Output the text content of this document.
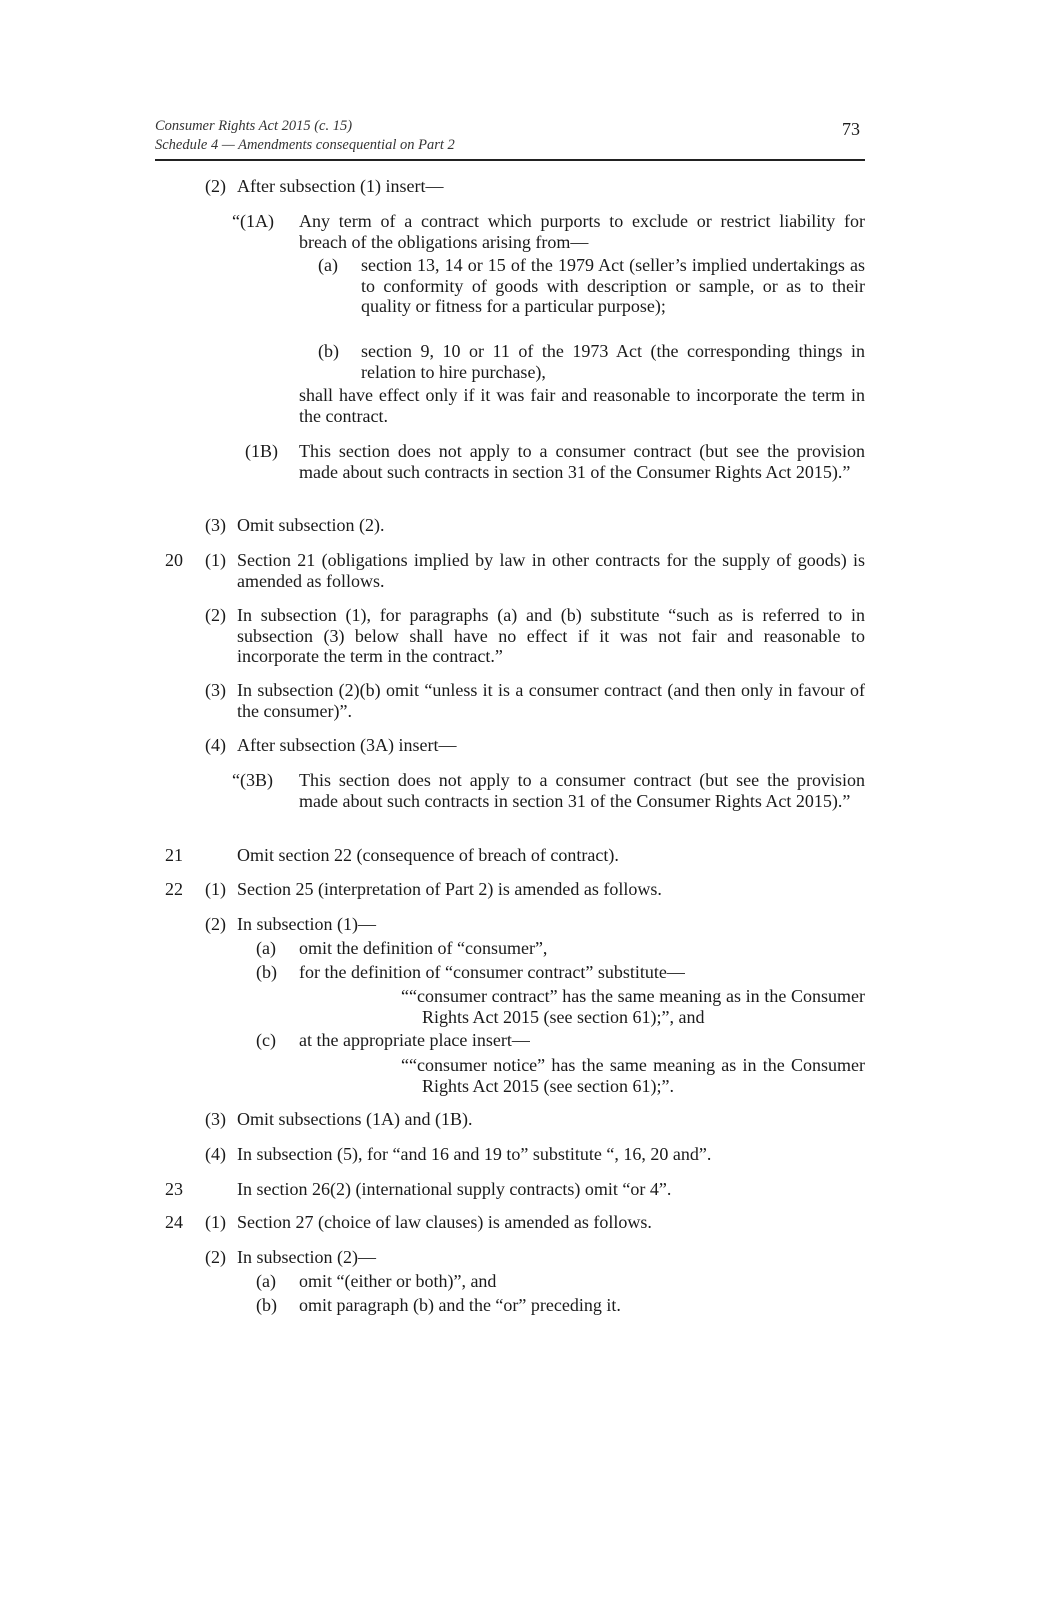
Consumer Rights Act 2015 (c. 15)
Schedule 4 — Amendments consequential on Part 2
73
(2) After subsection (1) insert—
“(1A) Any term of a contract which purports to exclude or restrict liability for breach of the obligations arising from—
(a) section 13, 14 or 15 of the 1979 Act (seller’s implied undertakings as to conformity of goods with description or sample, or as to their quality or fitness for a particular purpose);
(b) section 9, 10 or 11 of the 1973 Act (the corresponding things in relation to hire purchase),
shall have effect only if it was fair and reasonable to incorporate the term in the contract.
(1B) This section does not apply to a consumer contract (but see the provision made about such contracts in section 31 of the Consumer Rights Act 2015).”
(3) Omit subsection (2).
20 (1) Section 21 (obligations implied by law in other contracts for the supply of goods) is amended as follows.
(2) In subsection (1), for paragraphs (a) and (b) substitute “such as is referred to in subsection (3) below shall have no effect if it was not fair and reasonable to incorporate the term in the contract.”
(3) In subsection (2)(b) omit “unless it is a consumer contract (and then only in favour of the consumer)”.
(4) After subsection (3A) insert—
“(3B) This section does not apply to a consumer contract (but see the provision made about such contracts in section 31 of the Consumer Rights Act 2015).”
21	Omit section 22 (consequence of breach of contract).
22 (1) Section 25 (interpretation of Part 2) is amended as follows.
(2) In subsection (1)—
(a) omit the definition of “consumer”,
(b) for the definition of “consumer contract” substitute—
““consumer contract” has the same meaning as in the Consumer Rights Act 2015 (see section 61);”, and
(c) at the appropriate place insert—
““consumer notice” has the same meaning as in the Consumer Rights Act 2015 (see section 61);”.
(3) Omit subsections (1A) and (1B).
(4) In subsection (5), for “and 16 and 19 to” substitute “, 16, 20 and”.
23	In section 26(2) (international supply contracts) omit “or 4”.
24 (1) Section 27 (choice of law clauses) is amended as follows.
(2) In subsection (2)—
(a) omit “(either or both)”, and
(b) omit paragraph (b) and the “or” preceding it.
